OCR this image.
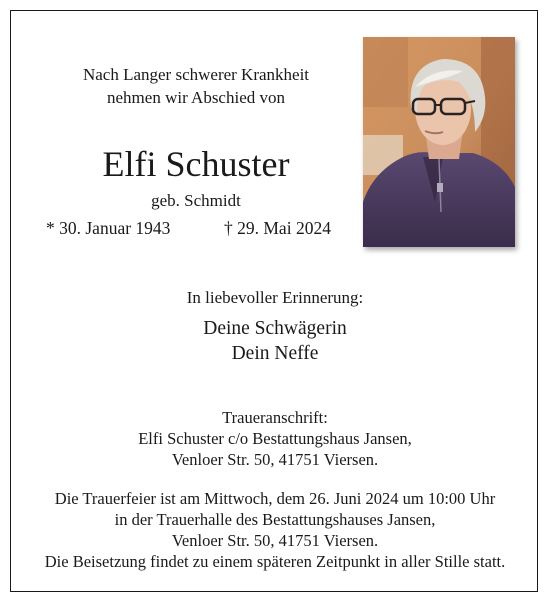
Nach Langer schwerer Krankheit
nehmen wir Abschied von
Elfi Schuster
geb. Schmidt
* 30. Januar 1943	† 29. Mai 2024
In liebevoller Erinnerung:
Deine Schwägerin
Dein Neffe
Traueranschrift:
Elfi Schuster c/o Bestattungshaus Jansen,
Venloer Str. 50, 41751 Viersen.
Die Trauerfeier ist am Mittwoch, dem 26. Juni 2024 um 10:00 Uhr
in der Trauerhalle des Bestattungshauses Jansen,
Venloer Str. 50, 41751 Viersen.
Die Beisetzung findet zu einem späteren Zeitpunkt in aller Stille statt.
